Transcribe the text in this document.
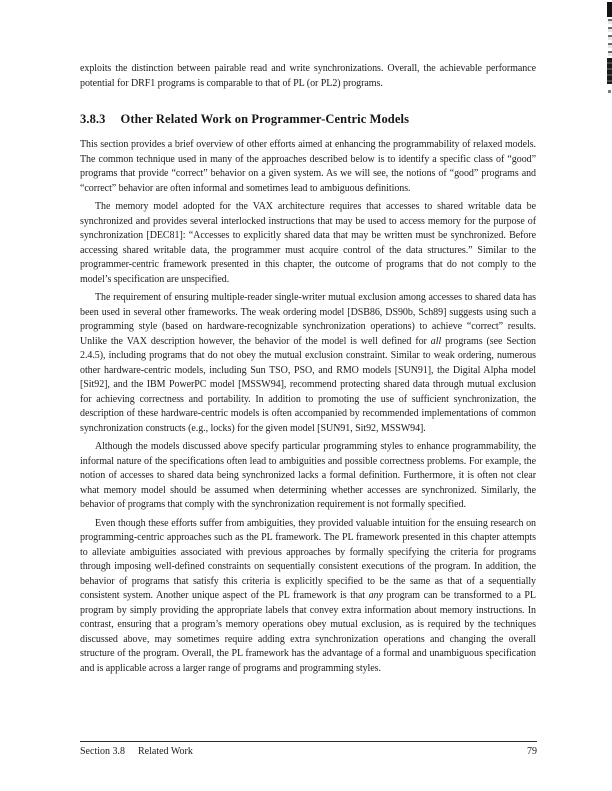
exploits the distinction between pairable read and write synchronizations. Overall, the achievable performance potential for DRF1 programs is comparable to that of PL (or PL2) programs.

3.8.3 Other Related Work on Programmer-Centric Models

This section provides a brief overview of other efforts aimed at enhancing the programmability of relaxed models. The common technique used in many of the approaches described below is to identify a specific class of “good” programs that provide “correct” behavior on a given system. As we will see, the notions of “good” programs and “correct” behavior are often informal and sometimes lead to ambiguous definitions.

The memory model adopted for the VAX architecture requires that accesses to shared writable data be synchronized and provides several interlocked instructions that may be used to access memory for the purpose of synchronization [DEC81]: “Accesses to explicitly shared data that may be written must be synchronized. Before accessing shared writable data, the programmer must acquire control of the data structures.” Similar to the programmer-centric framework presented in this chapter, the outcome of programs that do not comply to the model’s specification are unspecified.

The requirement of ensuring multiple-reader single-writer mutual exclusion among accesses to shared data has been used in several other frameworks. The weak ordering model [DSB86, DS90b, Sch89] suggests using such a programming style (based on hardware-recognizable synchronization operations) to achieve “correct” results. Unlike the VAX description however, the behavior of the model is well defined for all programs (see Section 2.4.5), including programs that do not obey the mutual exclusion constraint. Similar to weak ordering, numerous other hardware-centric models, including Sun TSO, PSO, and RMO models [SUN91], the Digital Alpha model [Sit92], and the IBM PowerPC model [MSSW94], recommend protecting shared data through mutual exclusion for achieving correctness and portability. In addition to promoting the use of sufficient synchronization, the description of these hardware-centric models is often accompanied by recommended implementations of common synchronization constructs (e.g., locks) for the given model [SUN91, Sit92, MSSW94].

Although the models discussed above specify particular programming styles to enhance programmability, the informal nature of the specifications often lead to ambiguities and possible correctness problems. For example, the notion of accesses to shared data being synchronized lacks a formal definition. Furthermore, it is often not clear what memory model should be assumed when determining whether accesses are synchronized. Similarly, the behavior of programs that comply with the synchronization requirement is not formally specified.

Even though these efforts suffer from ambiguities, they provided valuable intuition for the ensuing research on programming-centric approaches such as the PL framework. The PL framework presented in this chapter attempts to alleviate ambiguities associated with previous approaches by formally specifying the criteria for programs through imposing well-defined constraints on sequentially consistent executions of the program. In addition, the behavior of programs that satisfy this criteria is explicitly specified to be the same as that of a sequentially consistent system. Another unique aspect of the PL framework is that any program can be transformed to a PL program by simply providing the appropriate labels that convey extra information about memory instructions. In contrast, ensuring that a program’s memory operations obey mutual exclusion, as is required by the techniques discussed above, may sometimes require adding extra synchronization operations and changing the overall structure of the program. Overall, the PL framework has the advantage of a formal and unambiguous specification and is applicable across a larger range of programs and programming styles.

Section 3.8 Related Work	79
